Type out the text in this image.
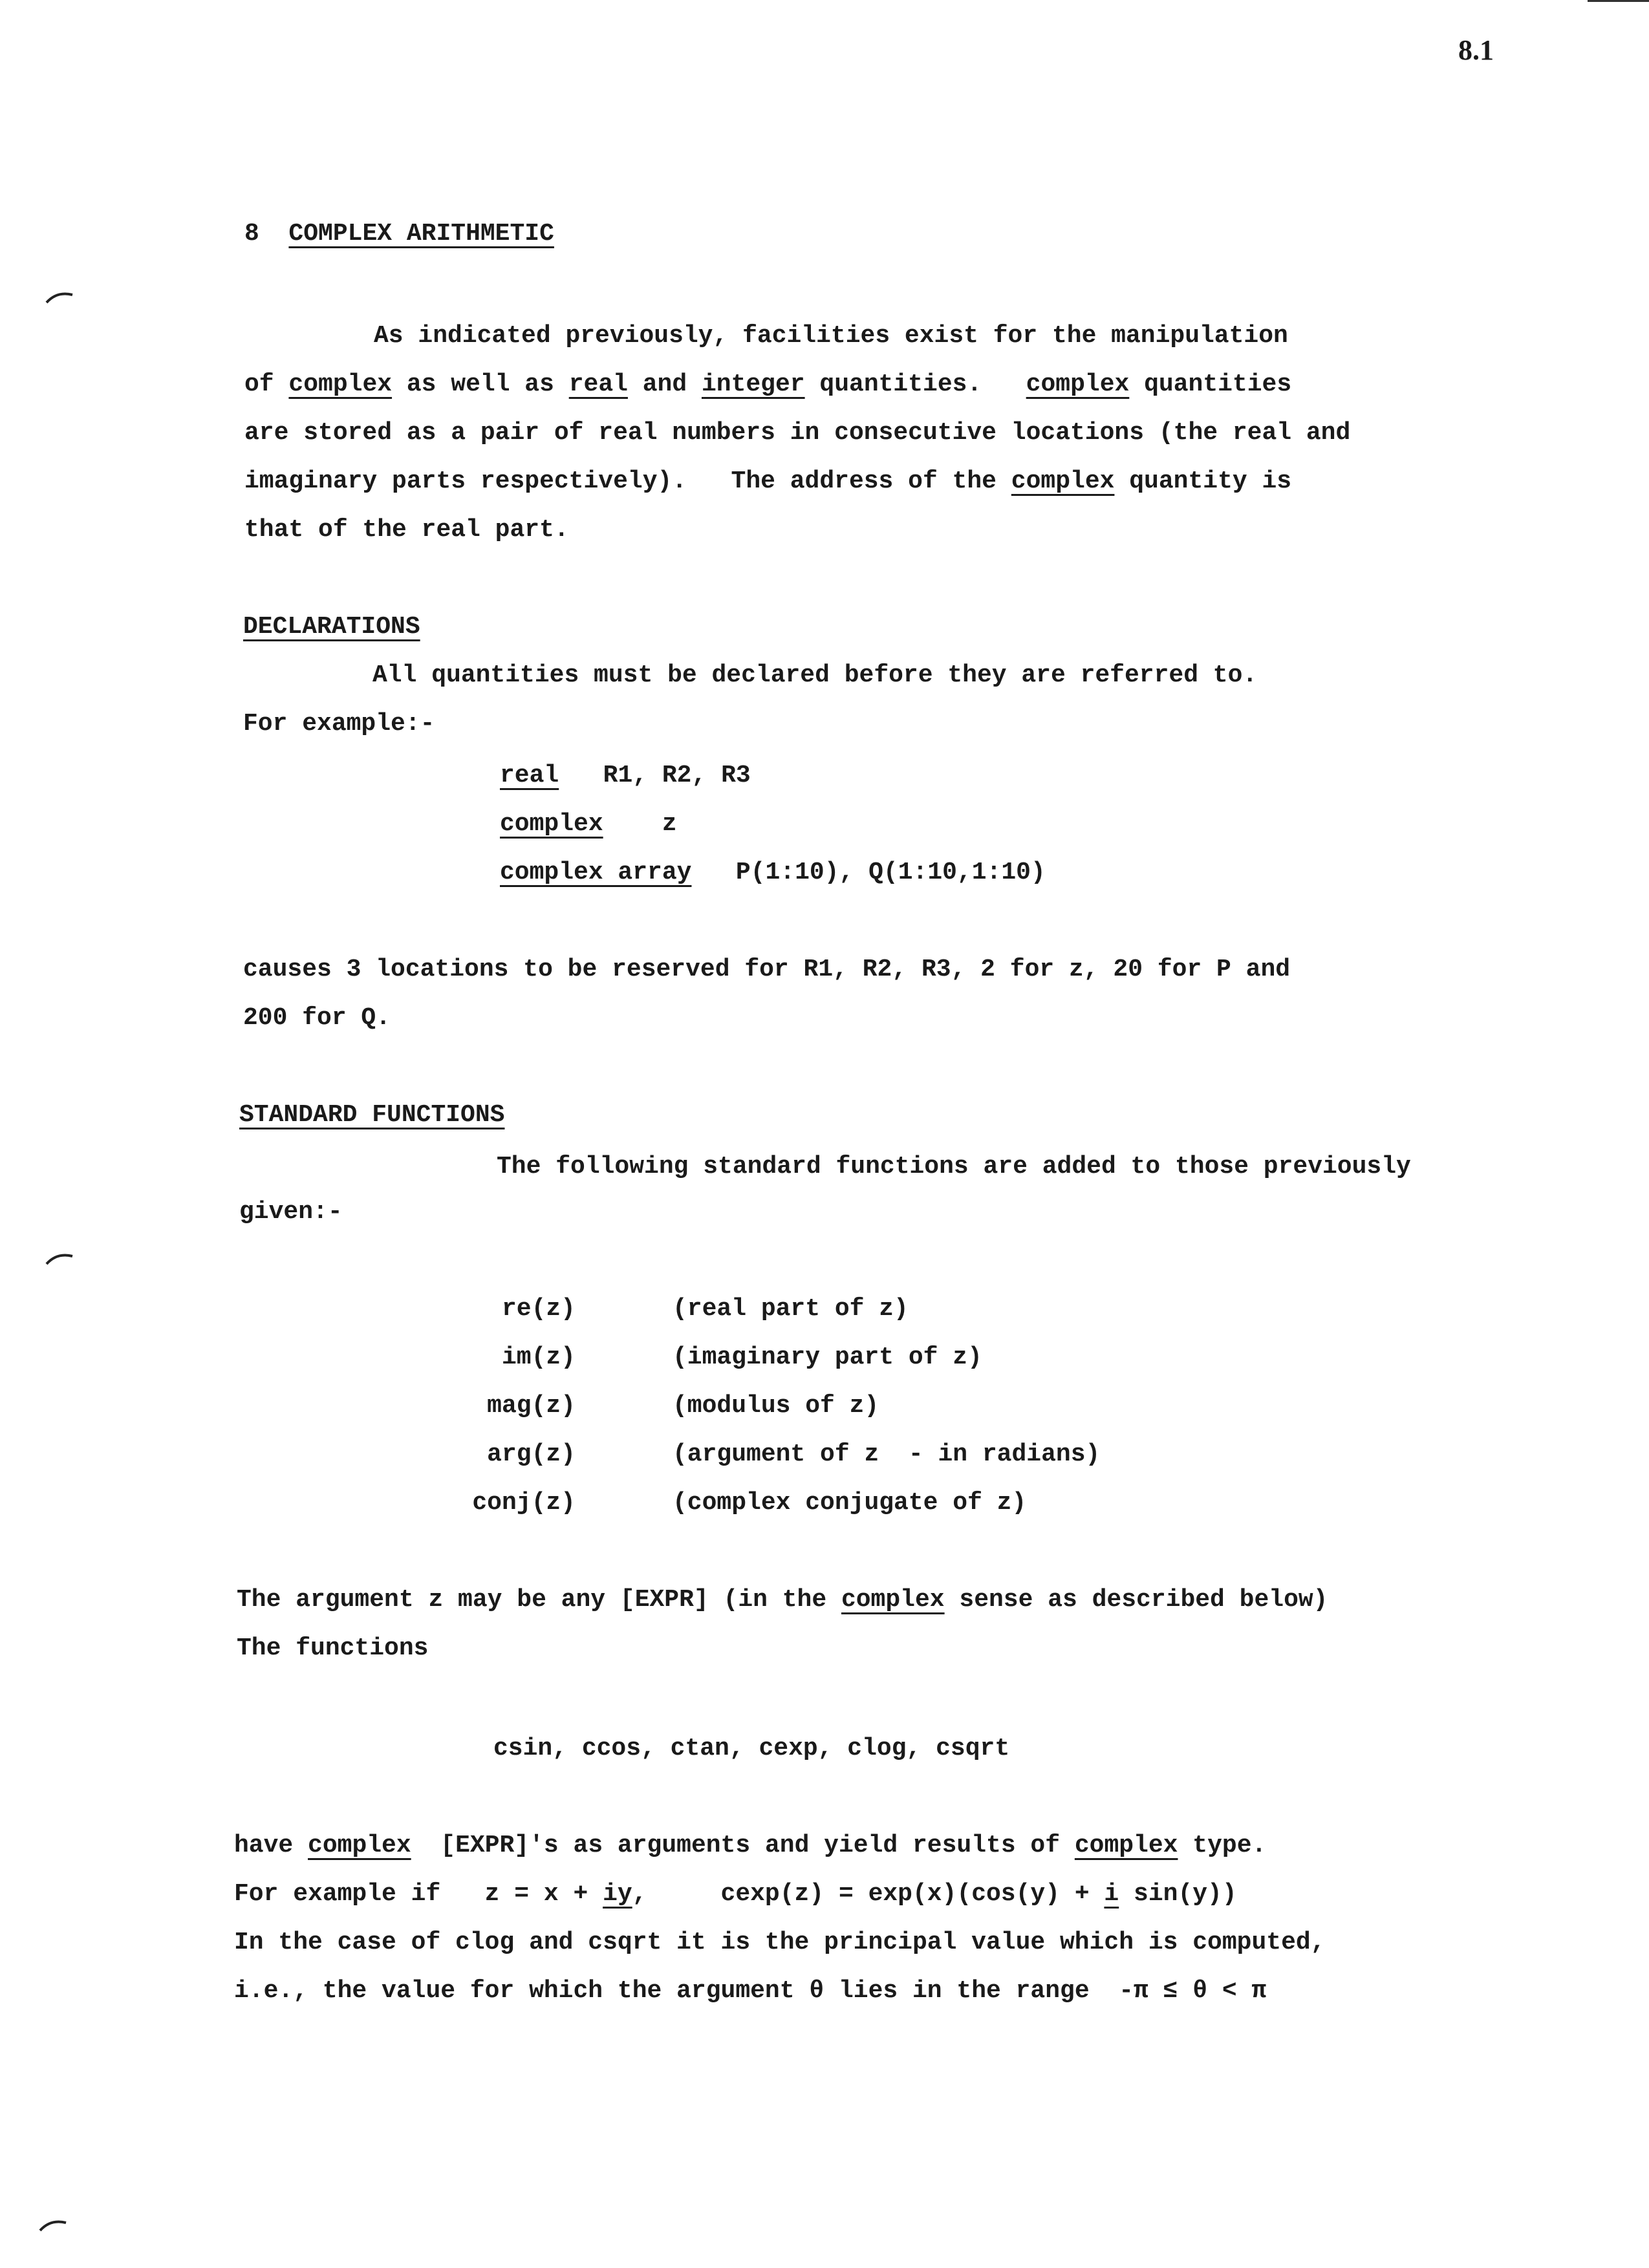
8.1
8 COMPLEX ARITHMETIC
As indicated previously, facilities exist for the manipulation
of complex as well as real and integer quantities.   complex quantities
are stored as a pair of real numbers in consecutive locations (the real and
imaginary parts respectively).   The address of the complex quantity is
that of the real part.
DECLARATIONS
All quantities must be declared before they are referred to.
For example:-
real R1, R2, R3
complex z
complex array P(1:10), Q(1:10,1:10)
causes 3 locations to be reserved for R1, R2, R3, 2 for z, 20 for P and
200 for Q.
STANDARD FUNCTIONS
The following standard functions are added to those previously
given:-
re(z)	(real part of z)
im(z)	(imaginary part of z)
mag(z)	(modulus of z)
arg(z)	(argument of z  - in radians)
conj(z)	(complex conjugate of z)
The argument z may be any [EXPR] (in the complex sense as described below)
The functions
csin, ccos, ctan, cexp, clog, csqrt
have complex  [EXPR]'s as arguments and yield results of complex type.
For example if   z = x + iy,     cexp(z) = exp(x)(cos(y) + i sin(y))
In the case of clog and csqrt it is the principal value which is computed,
i.e., the value for which the argument θ lies in the range  -π ≤ θ < π
